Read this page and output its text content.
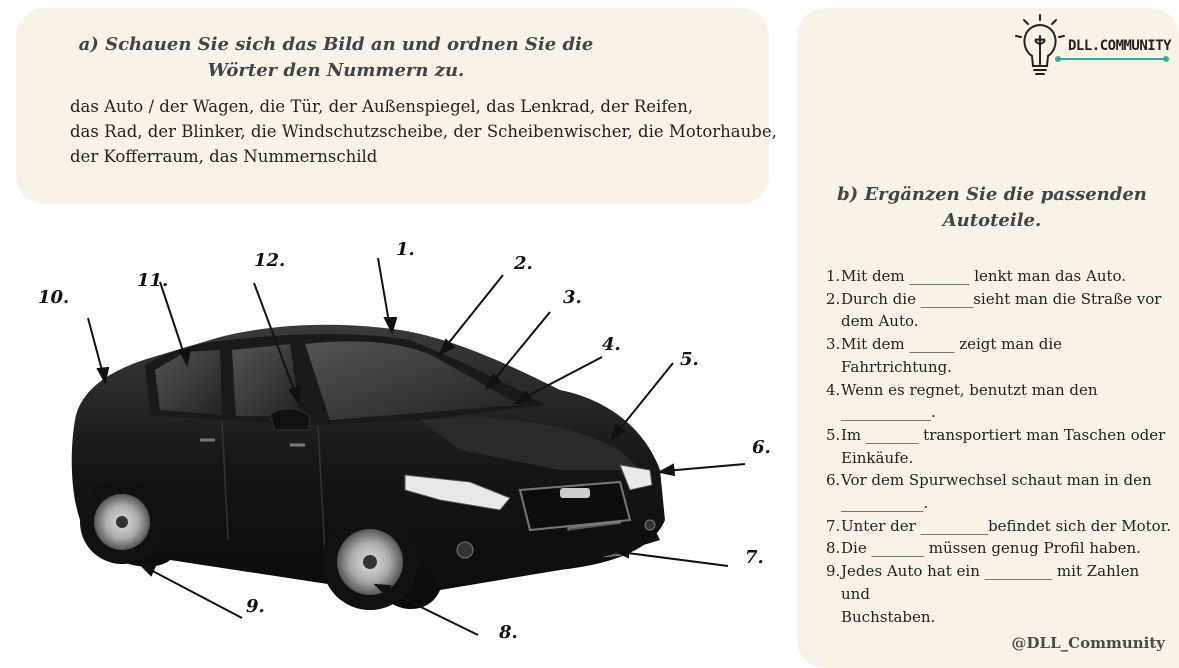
a) Schauen Sie sich das Bild an und ordnen Sie die
Wörter den Nummern zu.
das Auto / der Wagen, die Tür, der Außenspiegel, das Lenkrad, der Reifen,
das Rad, der Blinker, die Windschutzscheibe, der Scheibenwischer, die Motorhaube,
der Kofferraum, das Nummernschild
b) Ergänzen Sie die passenden
Autoteile.
DLL.COMMUNITY
1. Mit dem ________ lenkt man das Auto.
2. Durch die _______sieht man die Straße vor
dem Auto.
3. Mit dem ______ zeigt man die
Fahrtrichtung.
4. Wenn es regnet, benutzt man den
____________.
5. Im _______ transportiert man Taschen oder
Einkäufe.
6. Vor dem Spurwechsel schaut man in den
___________.
7. Unter der _________befindet sich der Motor.
8. Die _______ müssen genug Profil haben.
9. Jedes Auto hat ein _________ mit Zahlen und
Buchstaben.
@DLL_Community
1.
2.
3.
4.
5.
6.
7.
8.
9.
10.
11.
12.
